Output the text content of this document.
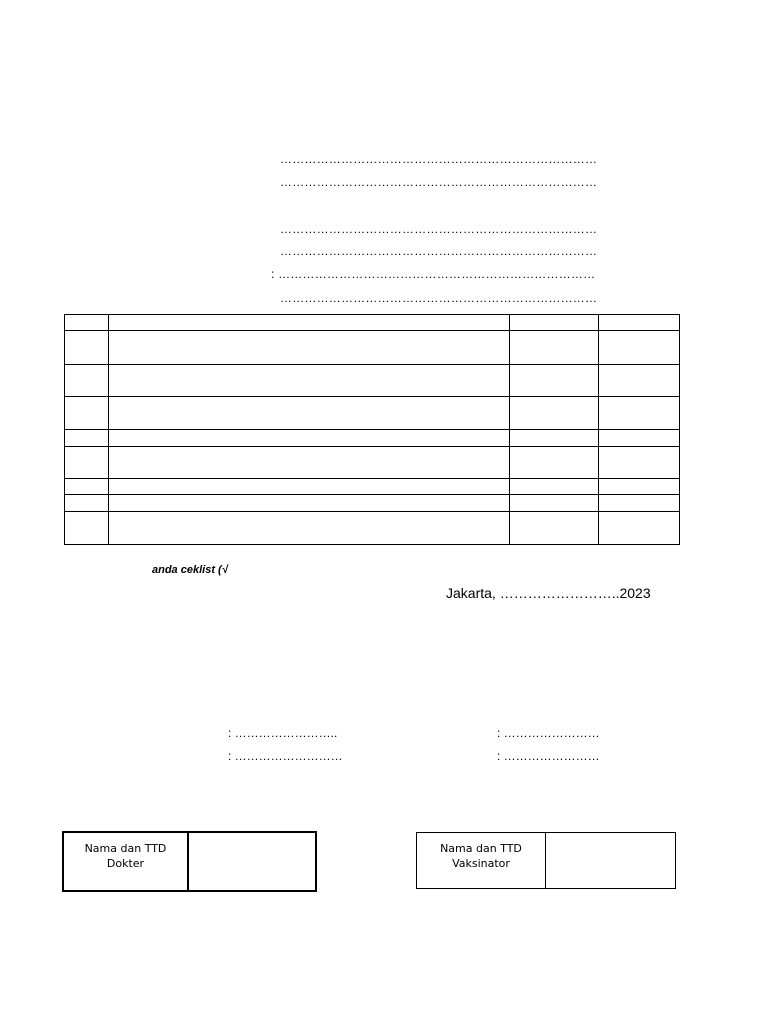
……………………………………………………………………
……………………………………………………………………
……………………………………………………………………
……………………………………………………………………
: ……………………………………………………………………
……………………………………………………………………

anda ceklist (√
Jakarta, ……………………..2023
: ……………………..
: ………………………
: ……………………
: ……………………
Nama dan TTD
Dokter
Nama dan TTD
Vaksinator
